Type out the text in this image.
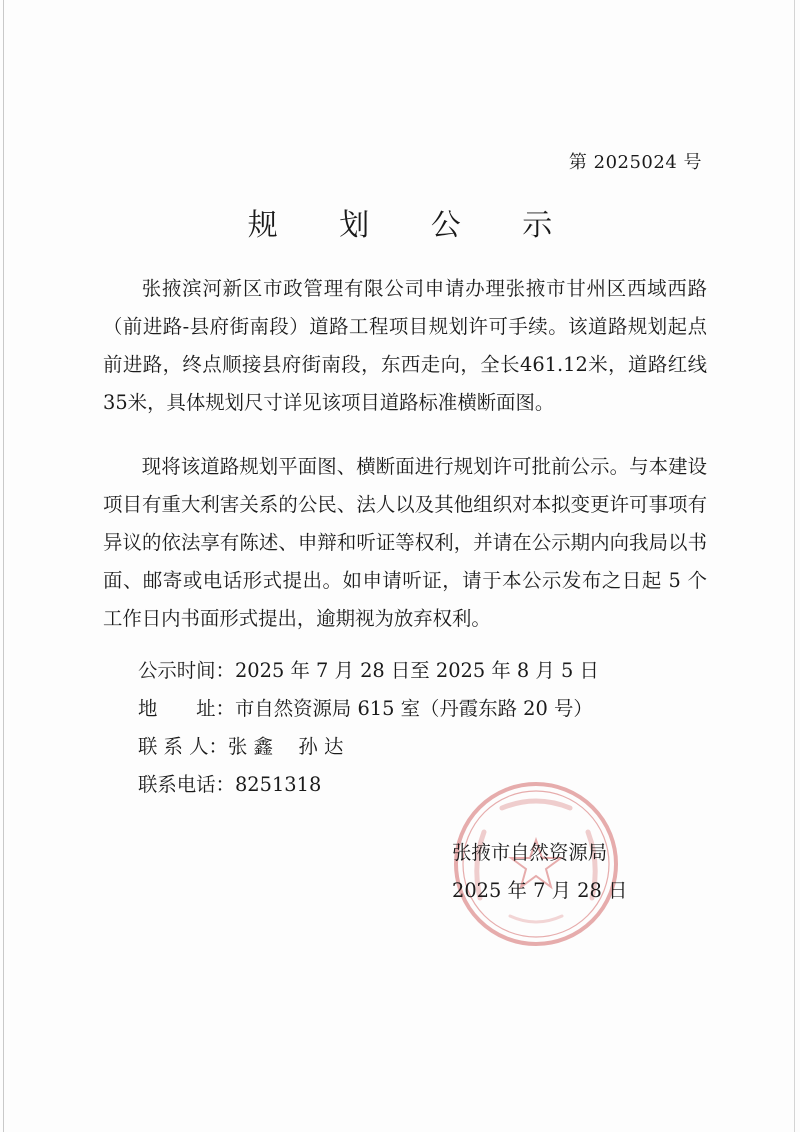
第 2025024 号
规 划 公 示

张掖滨河新区市政管理有限公司申请办理张掖市甘州区西域西路（前进路-县府街南段）道路工程项目规划许可手续。该道路规划起点前进路，终点顺接县府街南段，东西走向，全长461.12米，道路红线35米，具体规划尺寸详见该项目道路标准横断面图。

现将该道路规划平面图、横断面进行规划许可批前公示。与本建设项目有重大利害关系的公民、法人以及其他组织对本拟变更许可事项有异议的依法享有陈述、申辩和听证等权利，并请在公示期内向我局以书面、邮寄或电话形式提出。如申请听证，请于本公示发布之日起 5 个工作日内书面形式提出，逾期视为放弃权利。

公示时间：2025 年 7 月 28 日至 2025 年 8 月 5 日
地　　址：市自然资源局 615 室（丹霞东路 20 号）
联 系 人：张 鑫　 孙 达
联系电话：8251318
张掖市自然资源局
2025 年 7 月 28 日
